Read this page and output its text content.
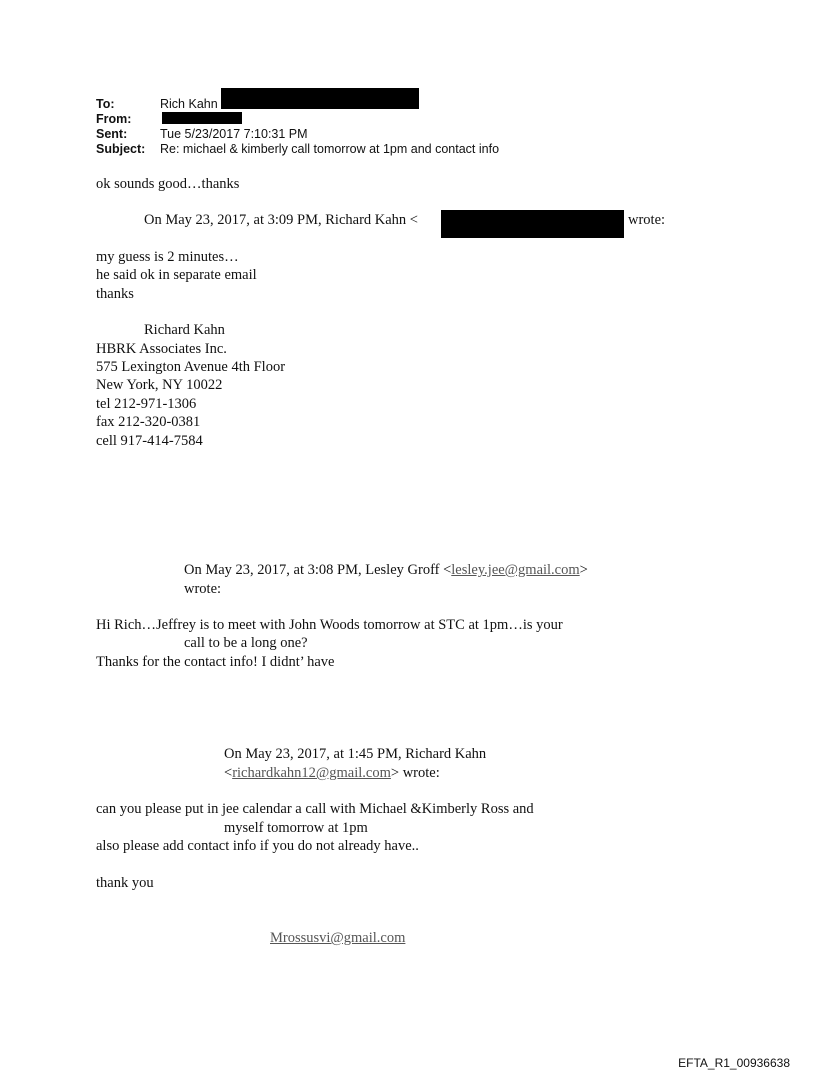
To:	Rich Kahn
From:
Sent:	Tue 5/23/2017 7:10:31 PM
Subject: Re: michael & kimberly call tomorrow at 1pm and contact info
ok sounds good…thanks
On May 23, 2017, at 3:09 PM, Richard Kahn <	wrote:
my guess is 2 minutes…
he said ok in separate email
thanks
Richard Kahn
HBRK Associates Inc.
575 Lexington Avenue 4th Floor
New York, NY 10022
tel 212-971-1306
fax 212-320-0381
cell 917-414-7584
On May 23, 2017, at 3:08 PM, Lesley Groff <lesley.jee@gmail.com>
wrote:
Hi Rich…Jeffrey is to meet with John Woods tomorrow at STC at 1pm…is your
call to be a long one?
Thanks for the contact info! I didnt’ have
On May 23, 2017, at 1:45 PM, Richard Kahn
<richardkahn12@gmail.com> wrote:
can you please put in jee calendar a call with Michael &Kimberly Ross and
myself tomorrow at 1pm
also please add contact info if you do not already have..
thank you
Mrossusvi@gmail.com
EFTA_R1_00936638
